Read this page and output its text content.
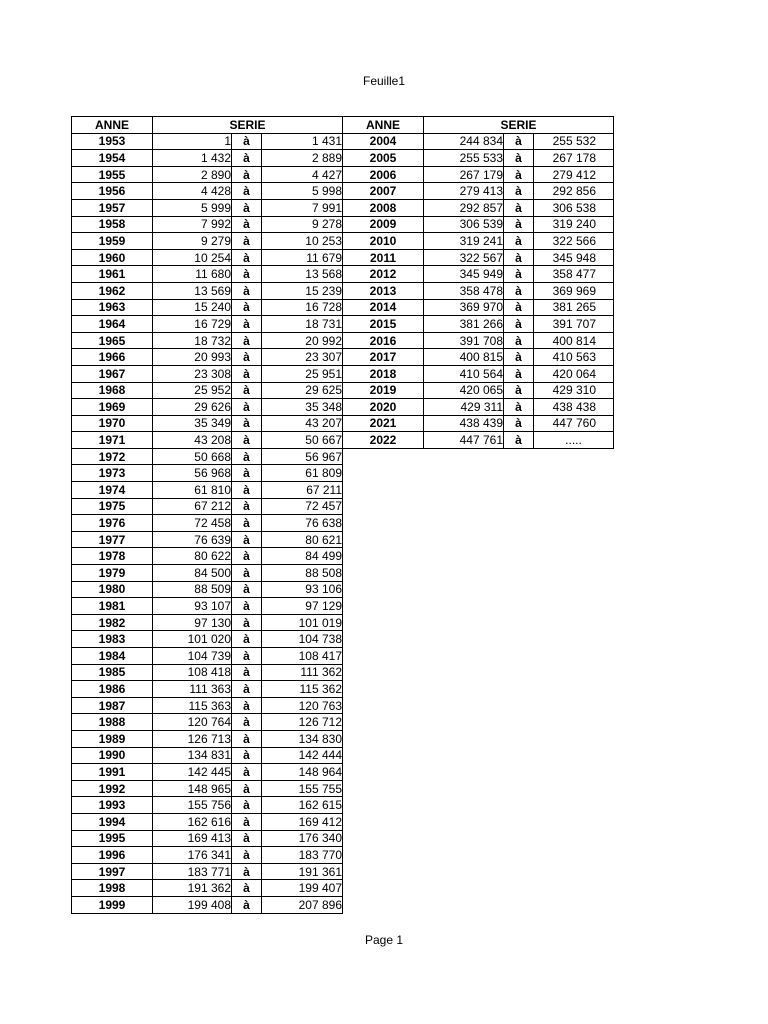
Feuille1
ANNE	SERIE		
1953	1	à	1 431
1954	1 432	à	2 889
1955	2 890	à	4 427
1956	4 428	à	5 998
1957	5 999	à	7 991
1958	7 992	à	9 278
1959	9 279	à	10 253
1960	10 254	à	11 679
1961	11 680	à	13 568
1962	13 569	à	15 239
1963	15 240	à	16 728
1964	16 729	à	18 731
1965	18 732	à	20 992
1966	20 993	à	23 307
1967	23 308	à	25 951
1968	25 952	à	29 625
1969	29 626	à	35 348
1970	35 349	à	43 207
1971	43 208	à	50 667
1972	50 668	à	56 967
1973	56 968	à	61 809
1974	61 810	à	67 211
1975	67 212	à	72 457
1976	72 458	à	76 638
1977	76 639	à	80 621
1978	80 622	à	84 499
1979	84 500	à	88 508
1980	88 509	à	93 106
1981	93 107	à	97 129
1982	97 130	à	101 019
1983	101 020	à	104 738
1984	104 739	à	108 417
1985	108 418	à	111 362
1986	111 363	à	115 362
1987	115 363	à	120 763
1988	120 764	à	126 712
1989	126 713	à	134 830
1990	134 831	à	142 444
1991	142 445	à	148 964
1992	148 965	à	155 755
1993	155 756	à	162 615
1994	162 616	à	169 412
1995	169 413	à	176 340
1996	176 341	à	183 770
1997	183 771	à	191 361
1998	191 362	à	199 407
1999	199 408	à	207 896
ANNE	SERIE		
2004	244 834	à	255 532
2005	255 533	à	267 178
2006	267 179	à	279 412
2007	279 413	à	292 856
2008	292 857	à	306 538
2009	306 539	à	319 240
2010	319 241	à	322 566
2011	322 567	à	345 948
2012	345 949	à	358 477
2013	358 478	à	369 969
2014	369 970	à	381 265
2015	381 266	à	391 707
2016	391 708	à	400 814
2017	400 815	à	410 563
2018	410 564	à	420 064
2019	420 065	à	429 310
2020	429 311	à	438 438
2021	438 439	à	447 760
2022	447 761	à	.....
Page 1
